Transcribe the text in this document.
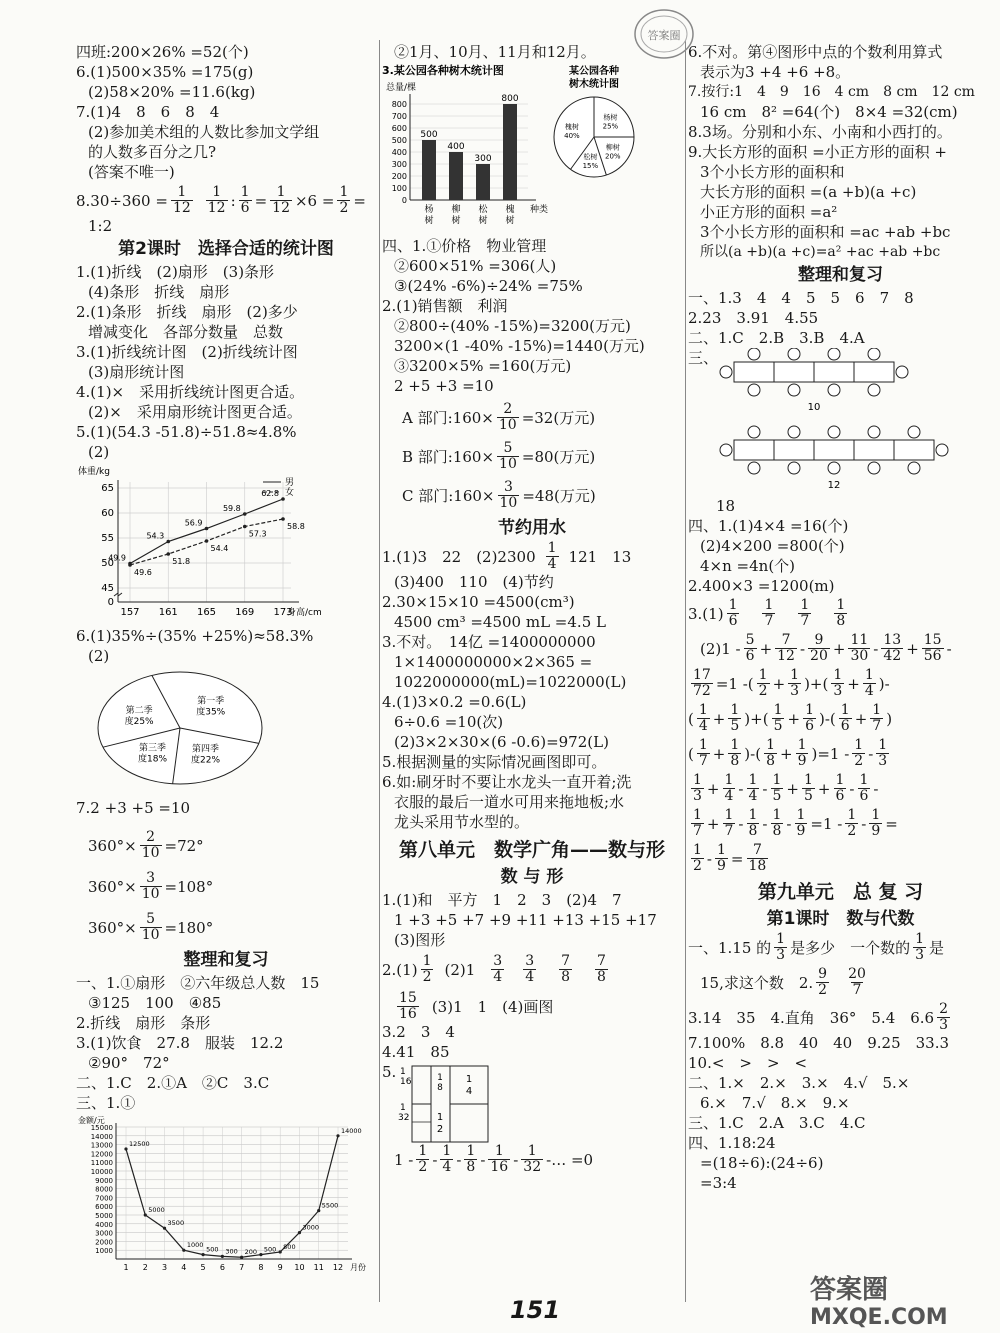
四班:200×26% =52(个)
6.(1)500×35% =175(g)
(2)58×20% =11.6(kg)
7.(1)4　8　6　8　4
(2)参加美术组的人数比参加文学组
的人数多百分之几?
(答案不唯一)
$8.30\div 360 = \frac{1}{12} 1$
12 : $\frac{1}{6} = \frac{1}{12} \times 6 = \frac{1}{2}$ =
1:2
第2课时　选择合适的统计图
1.(1)折线　(2)扇形　(3)条形
(4)条形　折线　扇形
2.(1)条形　折线　扇形　(2)多少
增减变化　各部分数量　总数
3.(1)折线统计图　(2)折线统计图
(3)扇形统计图
4.(1)×　采用折线统计图更合适。
(2)×　采用扇形统计图更合适。
5.(1)(54.3 -51.8)÷51.8≈4.8%
(2)
体重/kg
0
45
50
55
60
65
157 161 165 169 173
身高/cm
49.9
54.3
56.9
59.8
62.8
49.6
51.8
54.4
57.3
58.8
男
女
6.(1)35%÷(35% +25%)≈58.3%
(2)
第一季
度35%
第四季
度22%
第三季
度18%
第二季
度25%
7.2 +3 +5 =10
$360^\circ\times \frac{2}{10} =72^\circ$
$360^\circ\times \frac{3}{10} =108^\circ$
$360^\circ\times \frac{5}{10} =180^\circ$
整理和复习
一、1.①扇形　②六年级总人数　15
③125　100　④85
2.折线　扇形　条形
3.(1)饮食　27.8　服装　12.2
②90°　72°
二、1.C　2.①A　②C　3.C
三、1.①
金额/元
1000
2000
3000
4000
5000
6000
7000
8000
9000
10000
11000
12000
13000
14000
15000
1 2 3 4 5 6 7 8 9 10 11 12 月份
12500
5000
3500
1000
500 300 200 500 800
3000
5500
14000
②1月、10月、11月和12月。
3.某公园各种树木统计图
总量/棵
0
100
200
300
400
500
600
700
800
500
杨
树
400
柳
树
300
松
树
800
槐
树
种类
某公园各种
树木统计图
杨树
25%
柳树
20%
松树
15%
槐树
40%
四、1.①价格　物业管理
②600×51% =306(人)
③(24% -6%)÷24% =75%
2.(1)销售额　利润
②800÷(40% -15%)=3200(万元)
3200×(1 -40% -15%)=1440(万元)
③3200×5% =160(万元)
2 +5 +3 =10
A 部门:160× $\frac{2}{10} =32$(万元)
B 部门:160× $\frac{5}{10} =80$(万元)
C 部门:160× $\frac{3}{10} =48$(万元)
节约用水
1.(1)3　22　(2)2300 1
4 121　13
(3)400　110　(4)节约
2.30×15×10 =4500(cm³)
4500 cm³ =4500 mL =4.5 L
3.不对。　14亿 =1400000000
1×1400000000×2×365 =
1022000000(mL)=1022000(L)
4.(1)3×0.2 =0.6(L)
6÷0.6 =10(次)
(2)3×2×30×(6 -0.6)=972(L)
5.根据测量的实际情况画图即可。
6.如:刷牙时不要让水龙头一直开着;洗
衣服的最后一道水可用来拖地板;水
龙头采用节水型的。
第八单元　数学广角——数与形
数 与 形
1.(1)和　平方　1　2　3　(2)4　7
1 +3 +5 +7 +9 +11 +13 +15 +17
(3)图形
2.(1) 1
2 (2)1 3
4
3
4
7
8
7
8
15
16 (3)1　1　(4)画图
3.2　3　4
4.41　85
5. 1
16
1
32
1
8
1
4
1
2
1 - 1
2 - 1
4 - 1
8 - 1
16 - 1
32 -… =0
6.不对。第④图形中点的个数利用算式
表示为3 +4 +6 +8。
7.按行:1　4　9　16　4 cm　8 cm　12 cm
16 cm　8² =64(个)　8×4 =32(cm)
8.3场。分别和小东、小南和小西打的。
9.大长方形的面积 =小正方形的面积 +
3个小长方形的面积和
大长方形的面积 =(a +b)(a +c)
小正方形的面积 =a²
3个小长方形的面积和 =ac +ab +bc
所以(a +b)(a +c)=a² +ac +ab +bc
整理和复习
一、1.3　4　4　5　5　6　7　8
2.23　3.91　4.55
二、1.C　2.B　3.B　4.A
三、
10
12
18
四、1.(1)4×4 =16(个)
(2)4×200 =800(个)
4×n =4n(个)
2.400×3 =1200(m)
3.(1) 1
6
1
7
1
7
1
8
(2)1 - 5
$6 + \frac{7}{12} - 9$
$20 + \frac{11}{30} - 13$
$42 + \frac{15}{56}$ -
$\frac{17}{72} =1$ -( 1
$2 + \frac{1}{3}$ )+( 1
$3 + \frac{1}{4}$ )-
( 1
$4 + \frac{1}{5}$ )+( 1
$5 + \frac{1}{6}$ )-( 1
$6 + \frac{1}{7}$ )
( 1
$7 + \frac{1}{8}$ )-( 1
$8 + \frac{1}{9} )=1 - 1$
2 - 1
3
1
$3 + \frac{1}{4} - 1$
4 - 1
$5 + \frac{1}{5} + \frac{1}{6} - 1$
6 -
1
$7 + \frac{1}{7} - 1$
8 - 1
$8 - \frac{1}{9} =1 - 1$
$2 - \frac{1}{9}$ =
1
$2 - \frac{1}{9} = \frac{7}{18}$
第九单元　总 复 习
第1课时　数与代数
一、1.15 的 1
3 是多少　一个数的 1
3 是
15,求这个数　2. 9
2
20
7
3.14　35　4.直角　36°　5.4　6.6 2
3
7.100%　8.8　40　40　9.25　33.3
10.<　>　>　<
二、1.×　2.×　3.×　4.√　5.×
6.×　7.√　8.×　9.×
三、1.C　2.A　3.C　4.C
四、1.18:24
=(18÷6):(24÷6)
=3:4
151
答案圈
答案圈
MXQE.COM
